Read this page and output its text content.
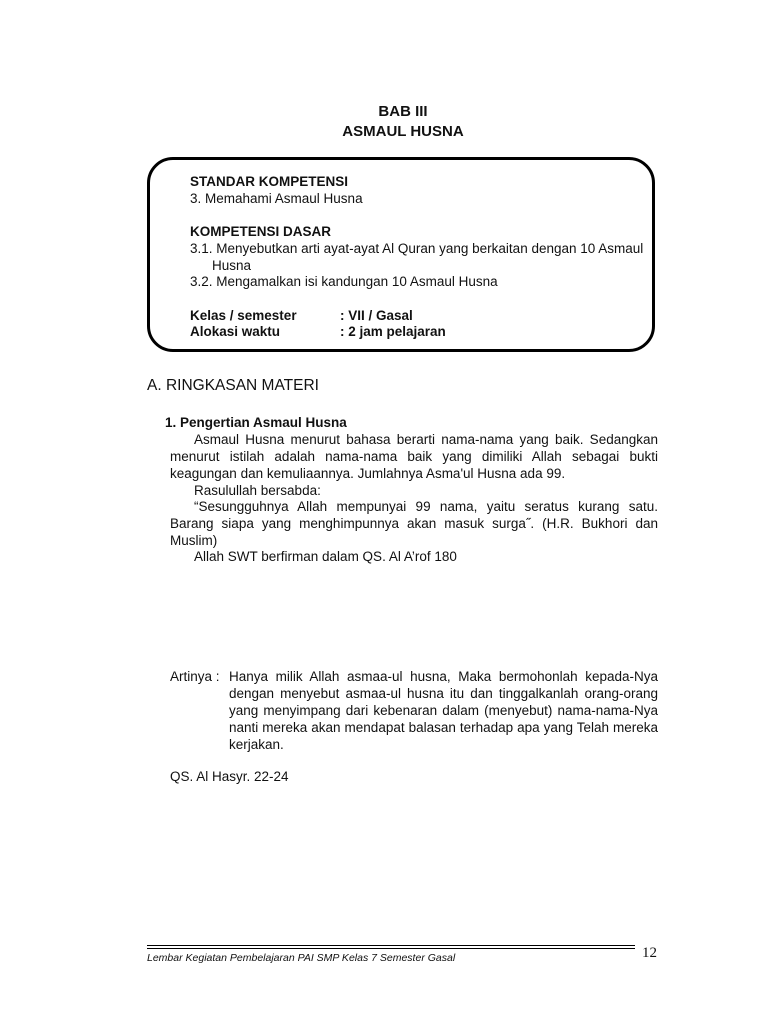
BAB III
ASMAUL HUSNA
STANDAR KOMPETENSI
3. Memahami Asmaul Husna
KOMPETENSI DASAR
3.1. Menyebutkan arti ayat-ayat Al Quran yang berkaitan dengan 10 Asmaul
Husna
3.2. Mengamalkan isi kandungan 10 Asmaul Husna
Kelas / semester	: VII / Gasal
Alokasi waktu	: 2 jam pelajaran
A. RINGKASAN MATERI
1. Pengertian Asmaul Husna
Asmaul Husna menurut bahasa berarti nama-nama yang baik. Sedangkan menurut istilah adalah nama-nama baik yang dimiliki Allah sebagai bukti keagungan dan kemuliaannya. Jumlahnya Asma'ul Husna ada 99.
Rasulullah bersabda:
“Sesungguhnya Allah mempunyai 99 nama, yaitu seratus kurang satu. Barang siapa yang menghimpunnya akan masuk surga˝. (H.R. Bukhori dan Muslim)
Allah SWT berfirman dalam QS. Al A’rof 180
Artinya : Hanya milik Allah asmaa-ul husna, Maka bermohonlah kepada-Nya dengan menyebut asmaa-ul husna itu dan tinggalkanlah orang-orang yang menyimpang dari kebenaran dalam (menyebut) nama-nama-Nya nanti mereka akan mendapat balasan terhadap apa yang Telah mereka kerjakan.
QS. Al Hasyr. 22-24
Lembar Kegiatan Pembelajaran PAI SMP Kelas 7 Semester Gasal	12
